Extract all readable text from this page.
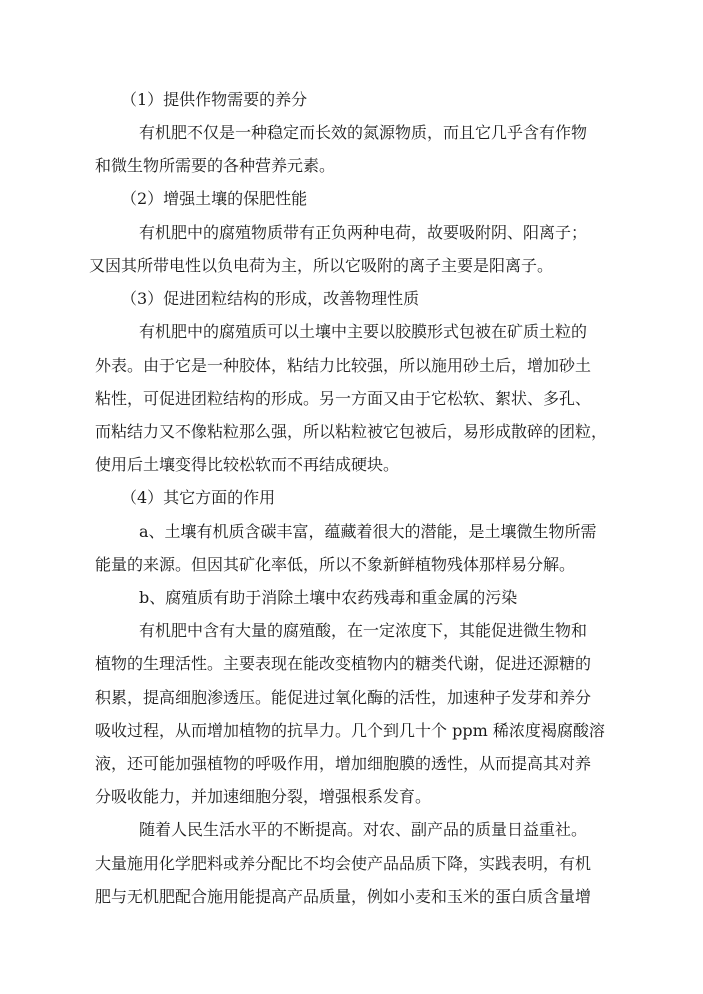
（1）提供作物需要的养分
有机肥不仅是一种稳定而长效的氮源物质，而且它几乎含有作物
和微生物所需要的各种营养元素。
（2）增强土壤的保肥性能
有机肥中的腐殖物质带有正负两种电荷，故要吸附阴、阳离子；
又因其所带电性以负电荷为主，所以它吸附的离子主要是阳离子。
（3）促进团粒结构的形成，改善物理性质
有机肥中的腐殖质可以土壤中主要以胶膜形式包被在矿质土粒的
外表。由于它是一种胶体，粘结力比较强，所以施用砂土后，增加砂土
粘性，可促进团粒结构的形成。另一方面又由于它松软、絮状、多孔、
而粘结力又不像粘粒那么强，所以粘粒被它包被后，易形成散碎的团粒，
使用后土壤变得比较松软而不再结成硬块。
（4）其它方面的作用
a、土壤有机质含碳丰富，蕴藏着很大的潜能，是土壤微生物所需
能量的来源。但因其矿化率低，所以不象新鲜植物残体那样易分解。
b、腐殖质有助于消除土壤中农药残毒和重金属的污染
有机肥中含有大量的腐殖酸，在一定浓度下，其能促进微生物和
植物的生理活性。主要表现在能改变植物内的糖类代谢，促进还源糖的
积累，提高细胞渗透压。能促进过氧化酶的活性，加速种子发芽和养分
吸收过程，从而增加植物的抗旱力。几个到几十个 ppm 稀浓度褐腐酸溶
液，还可能加强植物的呼吸作用，增加细胞膜的透性，从而提高其对养
分吸收能力，并加速细胞分裂，增强根系发育。
随着人民生活水平的不断提高。对农、副产品的质量日益重社。
大量施用化学肥料或养分配比不均会使产品品质下降，实践表明，有机
肥与无机肥配合施用能提高产品质量，例如小麦和玉米的蛋白质含量增
